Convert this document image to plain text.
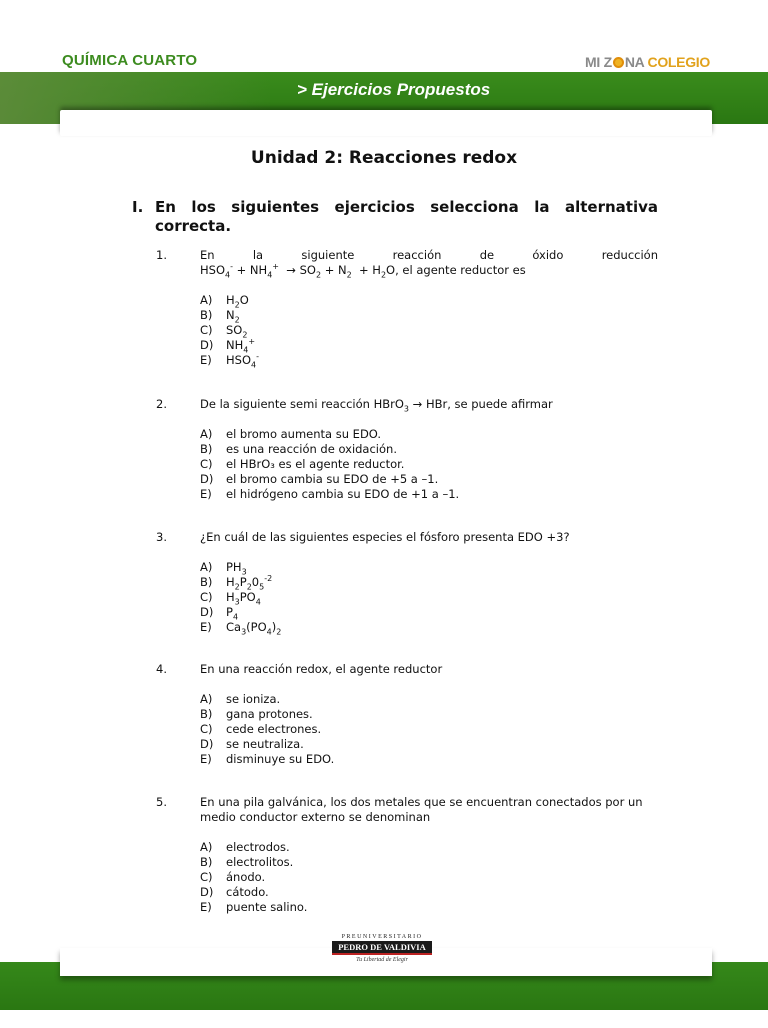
QUÍMICA CUARTO	MI Z NA COLEGIO
> Ejercicios Propuestos
Unidad 2: Reacciones redox
I. En los siguientes ejercicios selecciona la alternativa correcta.
1.	En la siguiente reacción de óxido reducción
$HSO_4^- + NH_4^+ \to SO_2 + N_2 + H_2O$, el agente reductor es
A) $H_2O$
B) $N_2$
C) $SO_2$
D) $NH_4^+$
E) $HSO_4^-$
2.	De la siguiente semi reacción HBrO$_3$ → HBr, se puede afirmar
A) el bromo aumenta su EDO.
B) es una reacción de oxidación.
C) el HBrO₃ es el agente reductor.
D) el bromo cambia su EDO de +5 a –1.
E) el hidrógeno cambia su EDO de +1 a –1.
3.	¿En cuál de las siguientes especies el fósforo presenta EDO +3?
A) $PH_3$
B) $H_2P_20_5^{-2}$
C) $H_3PO_4$
D) $P_4$
E) $Ca_3(PO_4)_2$
4.	En una reacción redox, el agente reductor
A) se ioniza.
B) gana protones.
C) cede electrones.
D) se neutraliza.
E) disminuye su EDO.
5.	En una pila galvánica, los dos metales que se encuentran conectados por un medio conductor externo se denominan
A) electrodos.
B) electrolitos.
C) ánodo.
D) cátodo.
E) puente salino.
PREUNIVERSITARIO
PEDRO DE VALDIVIA
Tu Libertad de Elegir
